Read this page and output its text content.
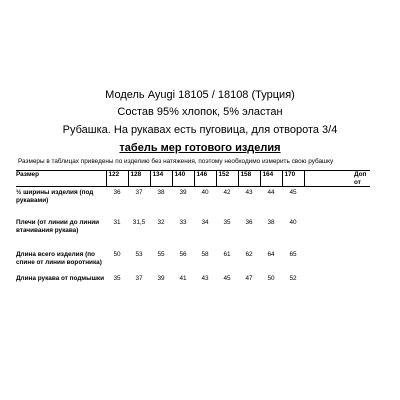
Модель Ayugi 18105 / 18108 (Турция)
Состав 95% хлопок, 5% эластан
Рубашка. На рукавах есть пуговица, для отворота 3/4
табель мер готового изделия
Размеры в таблицах приведены по изделию без натяжения, поэтому необходимо измерить свою рубашку
Размер	122	128	134	140	146	152	158	164	170		Доп
от

½ ширины изделия (под рукавами)	36	37	38	39	40	42	43	44	45		
Плечи (от линии до линии втачивания рукава)	31	31,5	32	33	34	35	36	38	40		
Длина всего изделия (по спине от линии воротника)	50	53	55	56	58	61	62	64	65		
Длина рукава от подмышки	35	37	39	41	43	45	47	50	52		
